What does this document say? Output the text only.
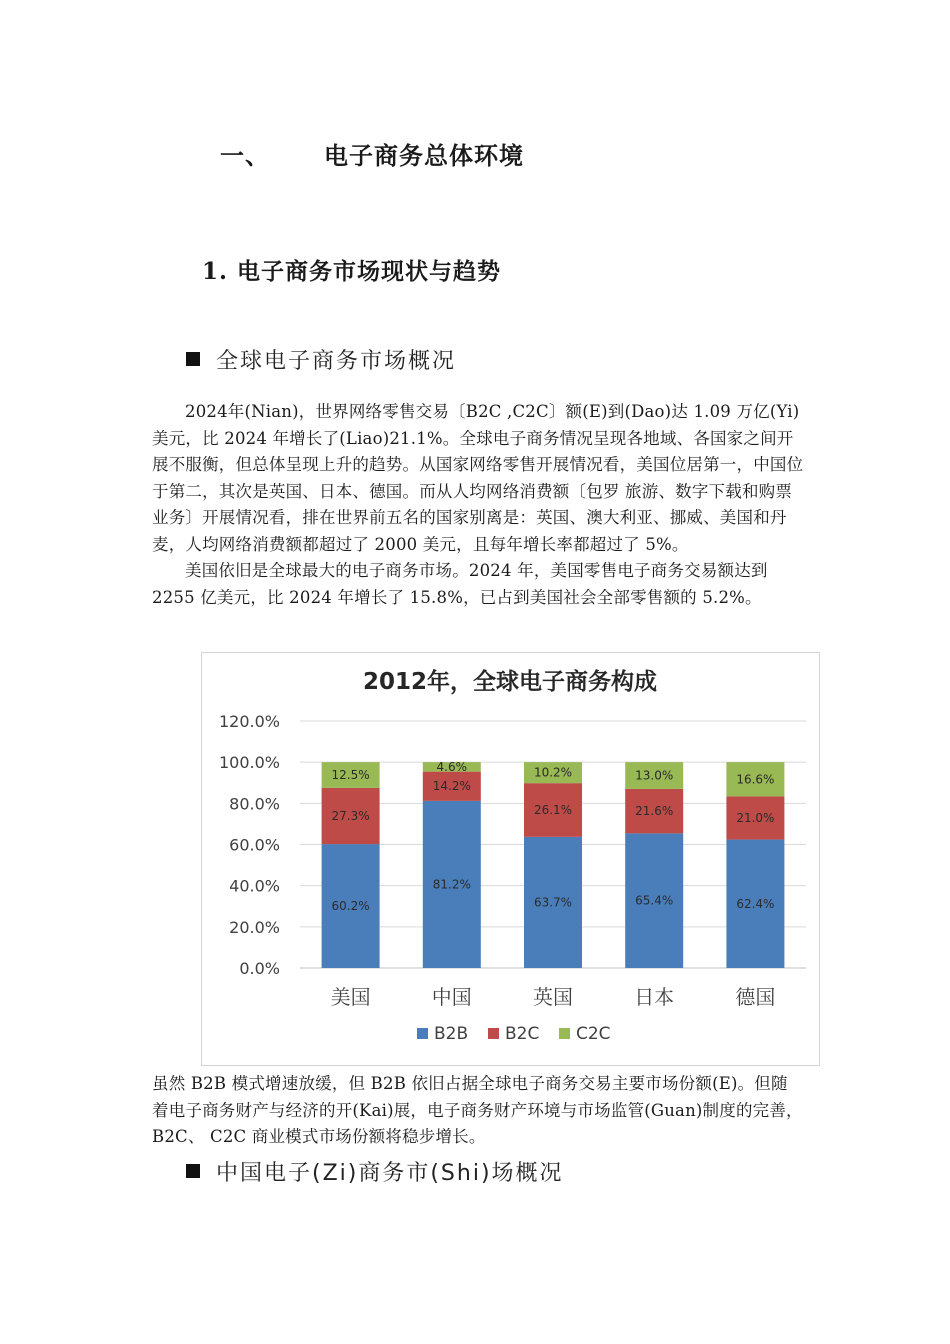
一、 电子商务总体环境
1. 电子商务市场现状与趋势
全球电子商务市场概况

2024年(Nian)，世界网络零售交易〔B2C ,C2C〕额(E)到(Dao)达 1.09 万亿(Yi)美元，比 2024 年增长了(Liao)21.1%。全球电子商务情况呈现各地域、各国家之间开展不服衡，但总体呈现上升的趋势。从国家网络零售开展情况看，美国位居第一，中国位于第二，其次是英国、日本、德国。而从人均网络消费额〔包罗 旅游、数字下载和购票业务〕开展情况看，排在世界前五名的国家别离是：英国、澳大利亚、挪威、美国和丹麦，人均网络消费额都超过了 2000 美元，且每年增长率都超过了 5%。

美国依旧是全球最大的电子商务市场。2024 年，美国零售电子商务交易额达到 2255 亿美元，比 2024 年增长了 15.8%，已占到美国社会全部零售额的 5.2%。

2012年，全球电子商务构成
0.0%
20.0%
40.0%
60.0%
80.0%
100.0%
120.0%
60.2%
27.3%
12.5%
美国
81.2%
14.2%
4.6%
中国
63.7%
26.1%
10.2%
英国
65.4%
21.6%
13.0%
日本
62.4%
21.0%
16.6%
德国
B2B B2C C2C

虽然 B2B 模式增速放缓，但 B2B 依旧占据全球电子商务交易主要市场份额(E)。但随着电子商务财产与经济的开(Kai)展，电子商务财产环境与市场监管(Guan)制度的完善，B2C、 C2C 商业模式市场份额将稳步增长。

中国电子(Zi)商务市(Shi)场概况
